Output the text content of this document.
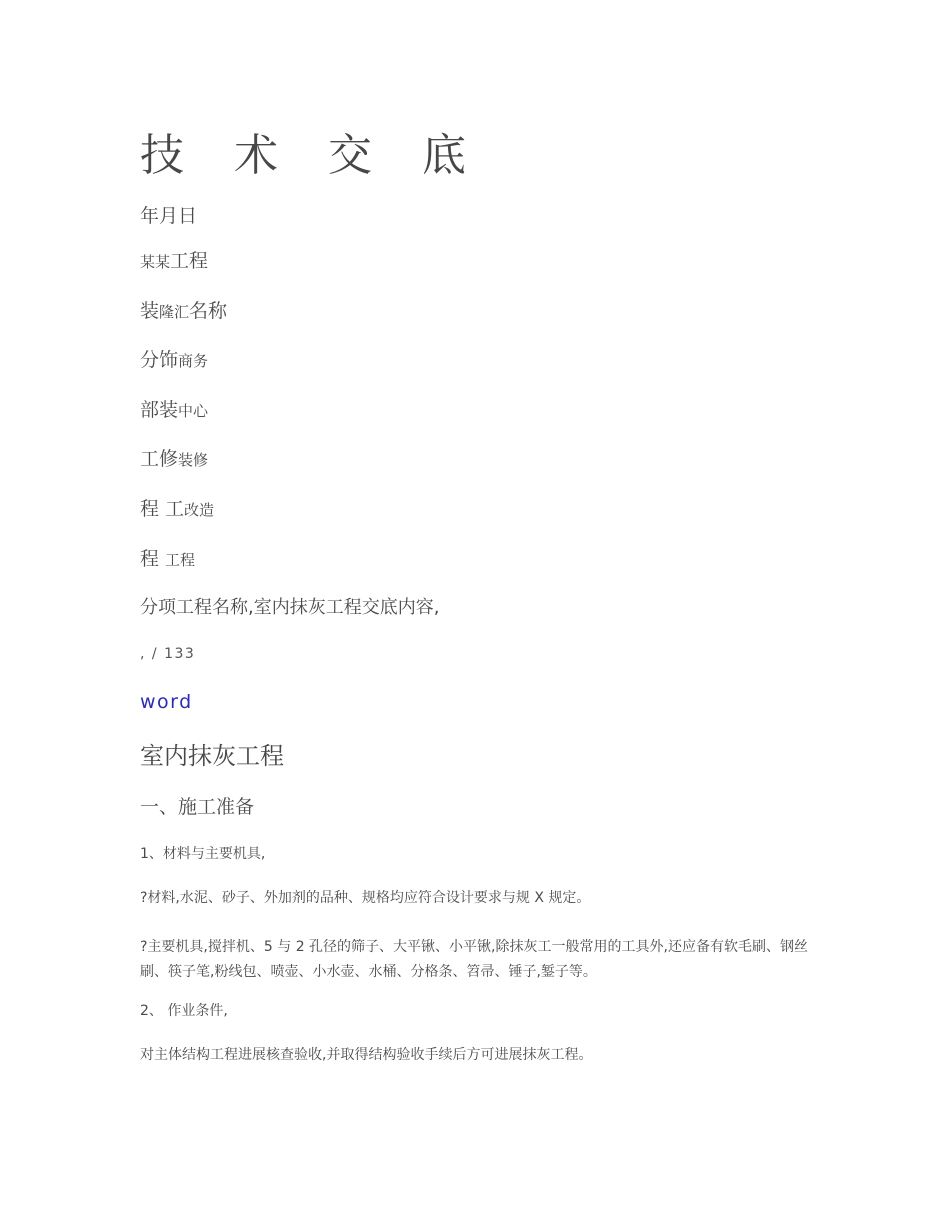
技 术 交 底
年月日
某某工程
装隆汇名称
分饰商务
部装中心
工修装修
程 工改造
程 工程
分项工程名称,室内抹灰工程交底内容,
, / 133
word
室内抹灰工程
一、施工准备
1、材料与主要机具,
?材料,水泥、砂子、外加剂的品种、规格均应符合设计要求与规 X 规定。
?主要机具,搅拌机、5 与 2 孔径的筛子、大平锹、小平锹,除抹灰工一般常用的工具外,还应备有软毛刷、钢丝刷、筷子笔,粉线包、喷壶、小水壶、水桶、分格条、笤帚、锤子,錾子等。
2、 作业条件,
对主体结构工程进展核查验收,并取得结构验收手续后方可进展抹灰工程。
